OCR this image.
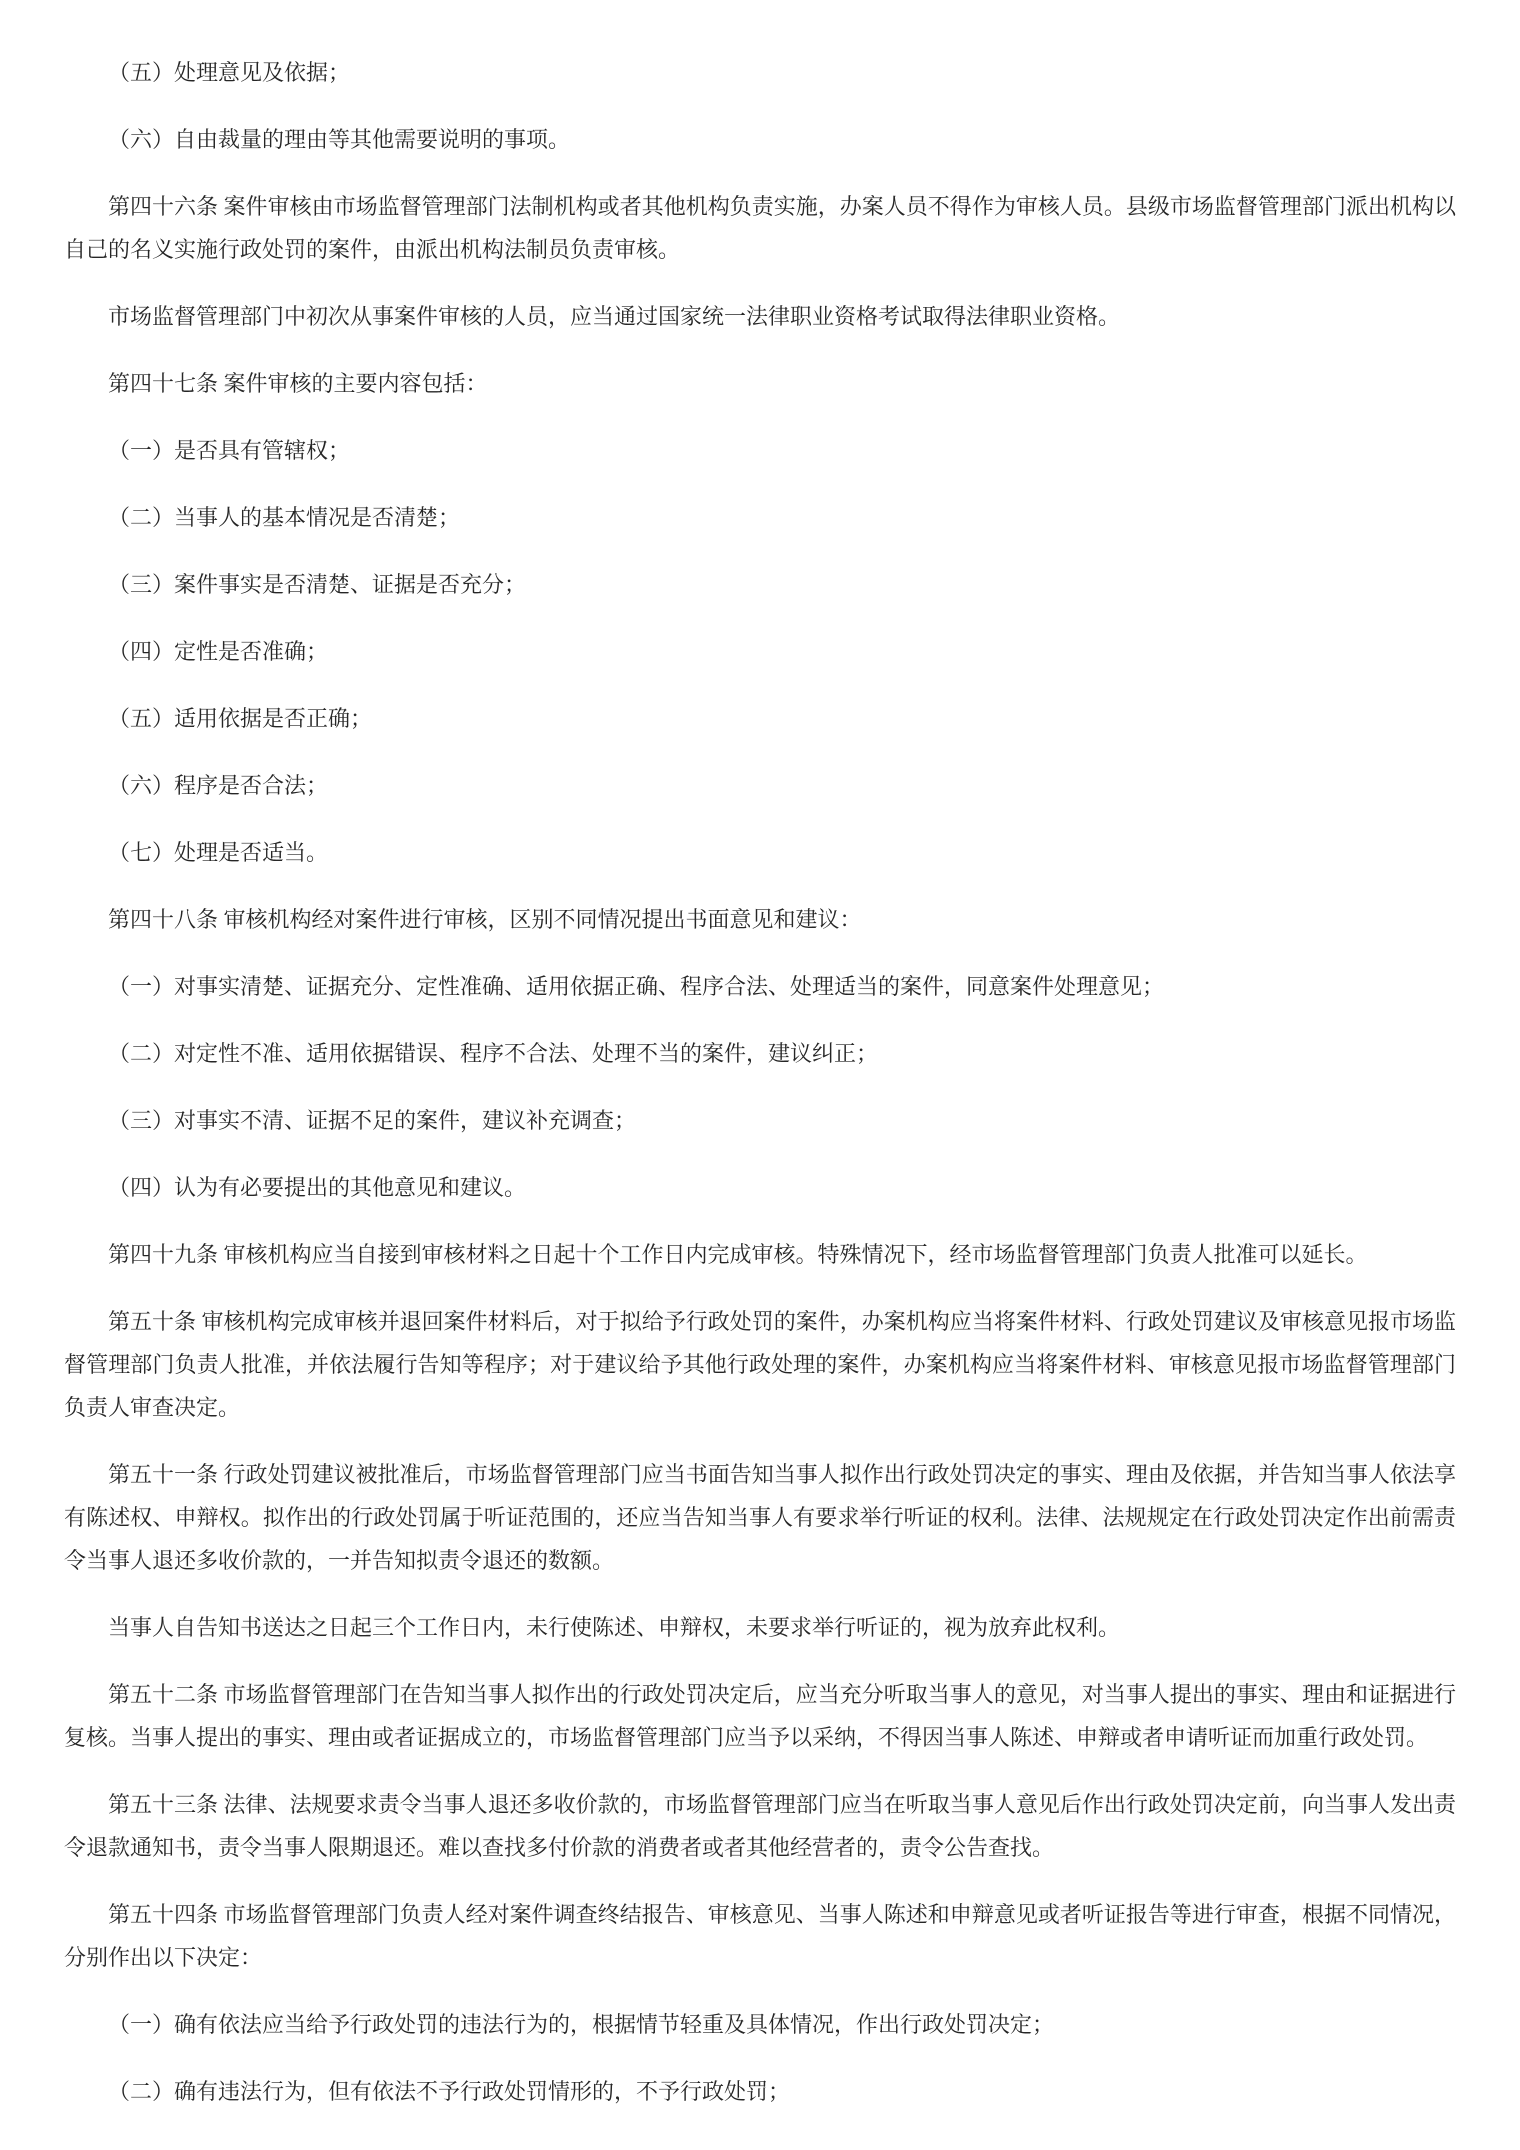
（五）处理意见及依据；

（六）自由裁量的理由等其他需要说明的事项。

第四十六条 案件审核由市场监督管理部门法制机构或者其他机构负责实施，办案人员不得作为审核人员。县级市场监督管理部门派出机构以自己的名义实施行政处罚的案件，由派出机构法制员负责审核。

市场监督管理部门中初次从事案件审核的人员，应当通过国家统一法律职业资格考试取得法律职业资格。

第四十七条 案件审核的主要内容包括：

（一）是否具有管辖权；

（二）当事人的基本情况是否清楚；

（三）案件事实是否清楚、证据是否充分；

（四）定性是否准确；

（五）适用依据是否正确；

（六）程序是否合法；

（七）处理是否适当。

第四十八条 审核机构经对案件进行审核，区别不同情况提出书面意见和建议：

（一）对事实清楚、证据充分、定性准确、适用依据正确、程序合法、处理适当的案件，同意案件处理意见；

（二）对定性不准、适用依据错误、程序不合法、处理不当的案件，建议纠正；

（三）对事实不清、证据不足的案件，建议补充调查；

（四）认为有必要提出的其他意见和建议。

第四十九条 审核机构应当自接到审核材料之日起十个工作日内完成审核。特殊情况下，经市场监督管理部门负责人批准可以延长。

第五十条 审核机构完成审核并退回案件材料后，对于拟给予行政处罚的案件，办案机构应当将案件材料、行政处罚建议及审核意见报市场监督管理部门负责人批准，并依法履行告知等程序；对于建议给予其他行政处理的案件，办案机构应当将案件材料、审核意见报市场监督管理部门负责人审查决定。

第五十一条 行政处罚建议被批准后，市场监督管理部门应当书面告知当事人拟作出行政处罚决定的事实、理由及依据，并告知当事人依法享有陈述权、申辩权。拟作出的行政处罚属于听证范围的，还应当告知当事人有要求举行听证的权利。法律、法规规定在行政处罚决定作出前需责令当事人退还多收价款的，一并告知拟责令退还的数额。

当事人自告知书送达之日起三个工作日内，未行使陈述、申辩权，未要求举行听证的，视为放弃此权利。

第五十二条 市场监督管理部门在告知当事人拟作出的行政处罚决定后，应当充分听取当事人的意见，对当事人提出的事实、理由和证据进行复核。当事人提出的事实、理由或者证据成立的，市场监督管理部门应当予以采纳，不得因当事人陈述、申辩或者申请听证而加重行政处罚。

第五十三条 法律、法规要求责令当事人退还多收价款的，市场监督管理部门应当在听取当事人意见后作出行政处罚决定前，向当事人发出责令退款通知书，责令当事人限期退还。难以查找多付价款的消费者或者其他经营者的，责令公告查找。

第五十四条 市场监督管理部门负责人经对案件调查终结报告、审核意见、当事人陈述和申辩意见或者听证报告等进行审查，根据不同情况，分别作出以下决定：

（一）确有依法应当给予行政处罚的违法行为的，根据情节轻重及具体情况，作出行政处罚决定；

（二）确有违法行为，但有依法不予行政处罚情形的，不予行政处罚；
